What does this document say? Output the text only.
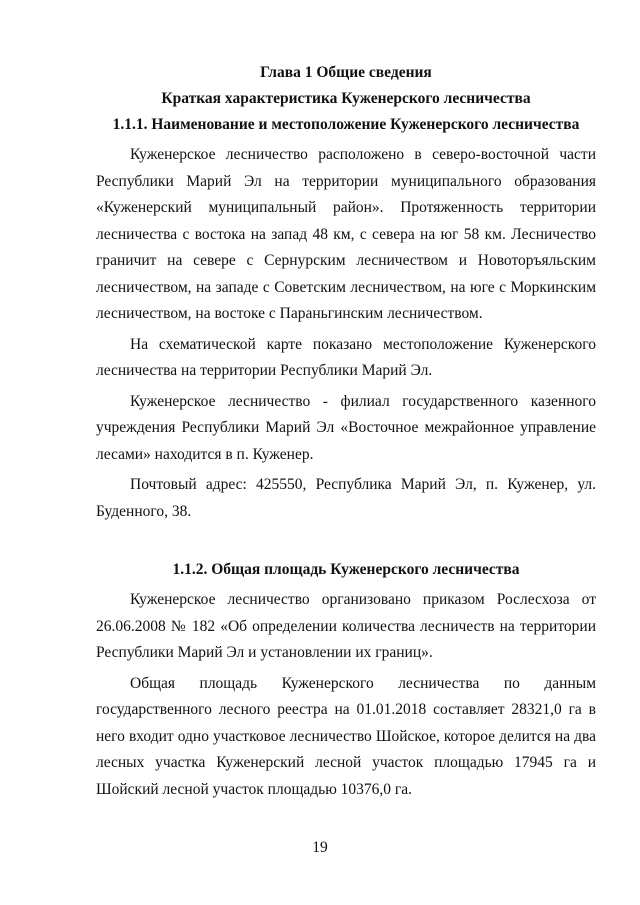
Глава 1 Общие сведения
Краткая характеристика Куженерского лесничества
1.1.1. Наименование и местоположение Куженерского лесничества

Куженерское лесничество расположено в северо-восточной части Республики Марий Эл на территории муниципального образования «Куженерский муниципальный район». Протяженность территории лесничества с востока на запад 48 км, с севера на юг 58 км. Лесничество граничит на севере с Сернурским лесничеством и Новоторъяльским лесничеством, на западе с Советским лесничеством, на юге с Моркинским лесничеством, на востоке с Параньгинским лесничеством.

На схематической карте показано местоположение Куженерского лесничества на территории Республики Марий Эл.

Куженерское лесничество - филиал государственного казенного учреждения Республики Марий Эл «Восточное межрайонное управление лесами» находится в п. Куженер.

Почтовый адрес: 425550, Республика Марий Эл, п. Куженер, ул. Буденного, 38.

1.1.2. Общая площадь Куженерского лесничества

Куженерское лесничество организовано приказом Рослесхоза от 26.06.2008 № 182 «Об определении количества лесничеств на территории Республики Марий Эл и установлении их границ».

Общая площадь Куженерского лесничества по данным государственного лесного реестра на 01.01.2018 составляет 28321,0 га в него входит одно участковое лесничество Шойское, которое делится на два лесных участка Куженерский лесной участок площадью 17945 га и Шойский лесной участок площадью 10376,0 га.

19
